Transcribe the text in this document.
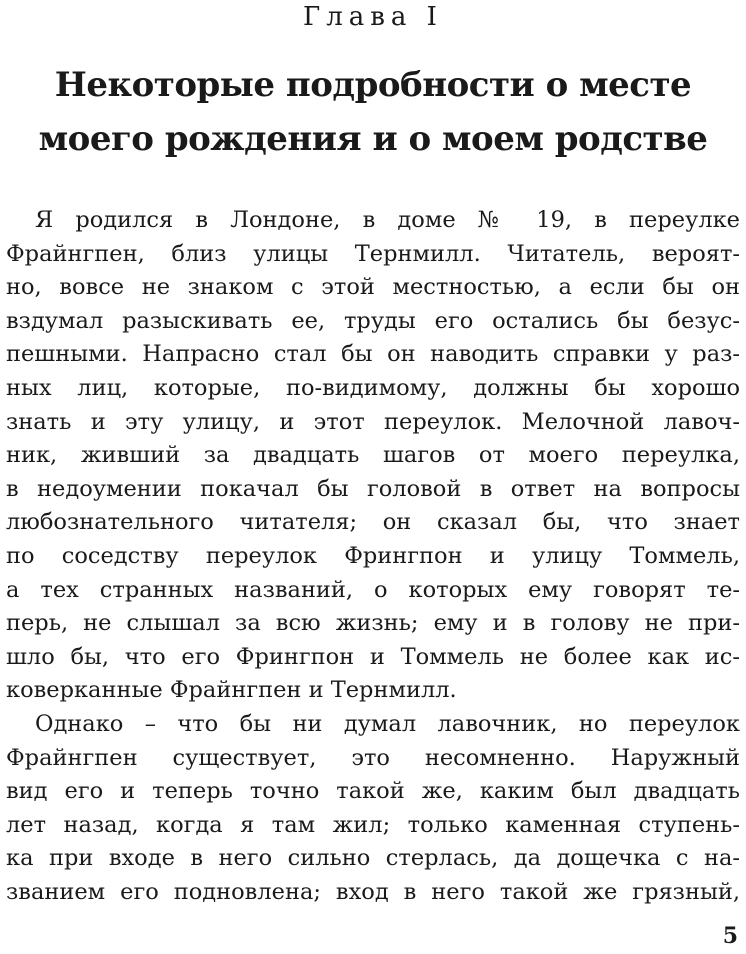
Глава I
Некоторые подробности о месте
моего рождения и о моем родстве
Я родился в Лондоне, в доме № 19, в переулке
Фрайнгпен, близ улицы Тернмилл. Читатель, вероят-
но, вовсе не знаком с этой местностью, а если бы он
вздумал разыскивать ее, труды его остались бы безус-
пешными. Напрасно стал бы он наводить справки у раз-
ных лиц, которые, по-видимому, должны бы хорошо
знать и эту улицу, и этот переулок. Мелочной лавоч-
ник, живший за двадцать шагов от моего переулка,
в недоумении покачал бы головой в ответ на вопросы
любознательного читателя; он сказал бы, что знает
по соседству переулок Фрингпон и улицу Томмель,
а тех странных названий, о которых ему говорят те-
перь, не слышал за всю жизнь; ему и в голову не при-
шло бы, что его Фрингпон и Томмель не более как ис-
коверканные Фрайнгпен и Тернмилл.
Однако – что бы ни думал лавочник, но переулок
Фрайнгпен существует, это несомненно. Наружный
вид его и теперь точно такой же, каким был двадцать
лет назад, когда я там жил; только каменная ступень-
ка при входе в него сильно стерлась, да дощечка с на-
званием его подновлена; вход в него такой же грязный,
5
